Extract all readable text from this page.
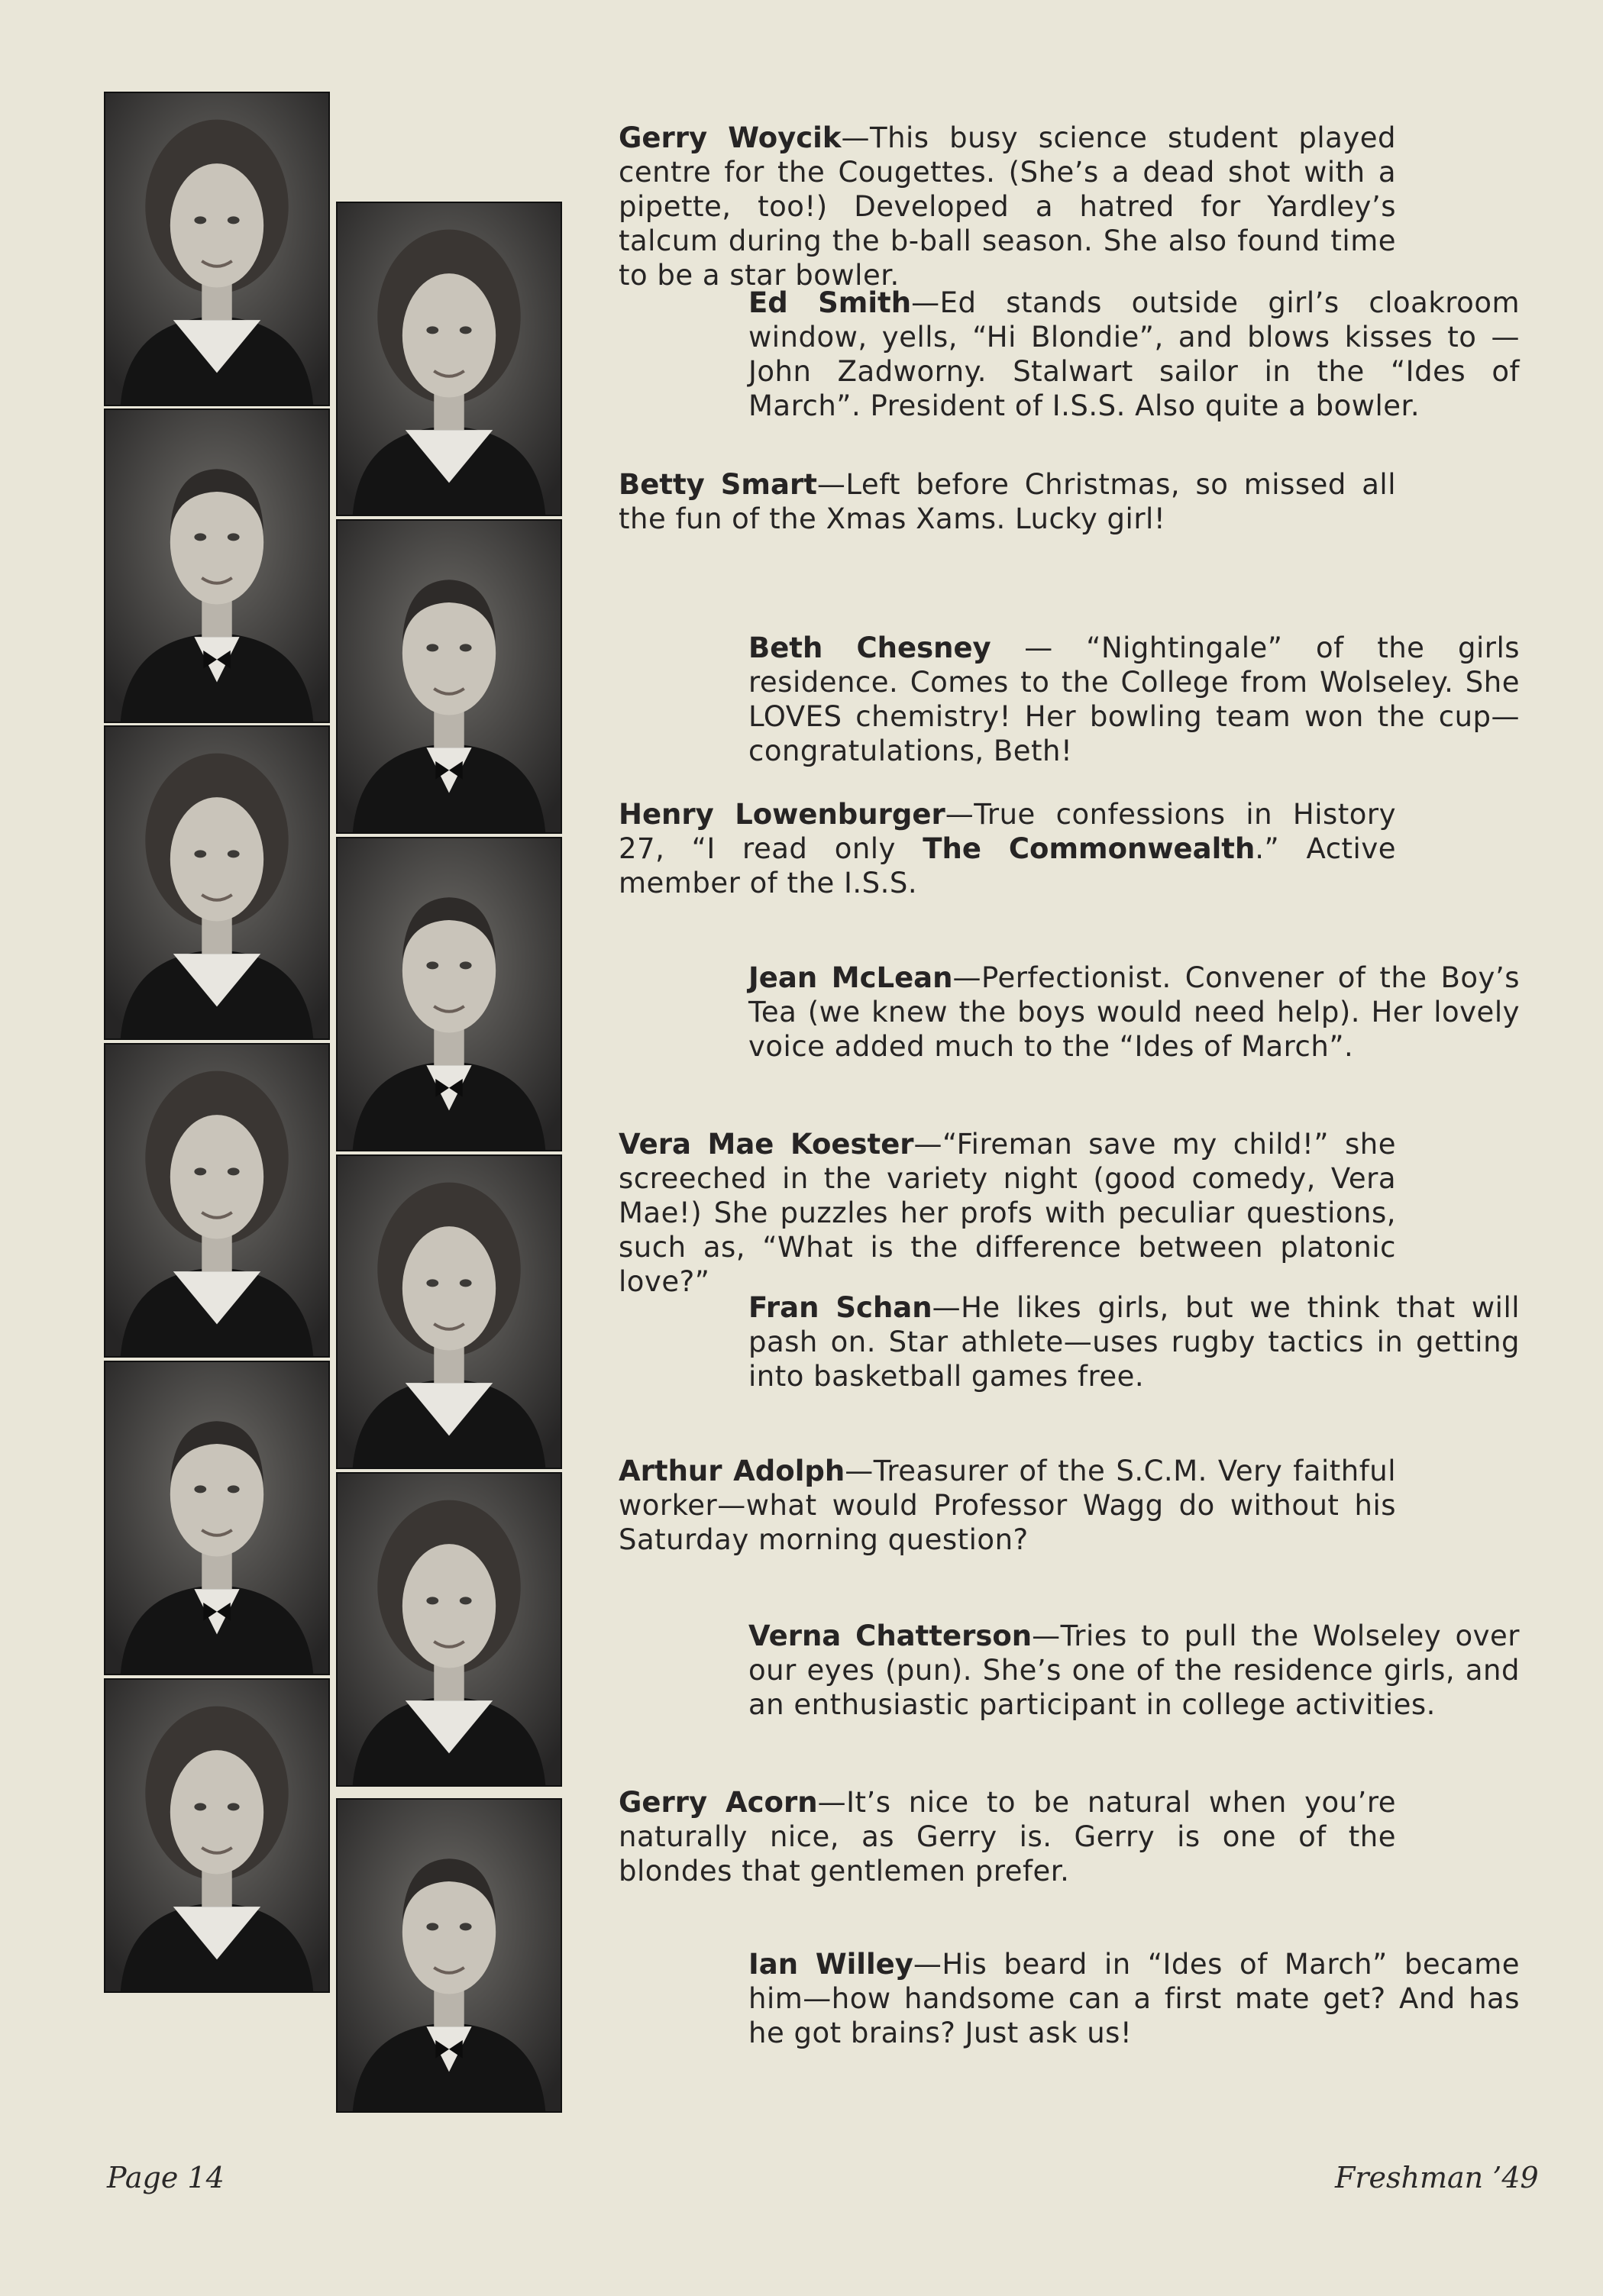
Gerry Woycik—This busy science student played centre for the Cougettes. (She’s a dead shot with a pipette, too!) Developed a hatred for Yardley’s talcum during the b-ball season. She also found time to be a star bowler.
Ed Smith—Ed stands outside girl’s cloakroom window, yells, “Hi Blondie”, and blows kisses to — John Zadworny. Stalwart sailor in the “Ides of March”. President of I.S.S. Also quite a bowler.
Betty Smart—Left before Christmas, so missed all the fun of the Xmas Xams. Lucky girl!
Beth Chesney — “Nightingale” of the girls residence. Comes to the College from Wolseley. She LOVES chemistry! Her bowling team won the cup—congratulations, Beth!
Henry Lowenburger—True confessions in History 27, “I read only The Commonwealth.” Active member of the I.S.S.
Jean McLean—Perfectionist. Convener of the Boy’s Tea (we knew the boys would need help). Her lovely voice added much to the “Ides of March”.
Vera Mae Koester—“Fireman save my child!” she screeched in the variety night (good comedy, Vera Mae!) She puzzles her profs with peculiar questions, such as, “What is the difference between platonic love?”
Fran Schan—He likes girls, but we think that will pash on. Star athlete—uses rugby tactics in getting into basketball games free.
Arthur Adolph—Treasurer of the S.C.M. Very faithful worker—what would Professor Wagg do without his Saturday morning question?
Verna Chatterson—Tries to pull the Wolseley over our eyes (pun). She’s one of the residence girls, and an enthusiastic participant in college activities.
Gerry Acorn—It’s nice to be natural when you’re naturally nice, as Gerry is. Gerry is one of the blondes that gentlemen prefer.
Ian Willey—His beard in “Ides of March” became him—how handsome can a first mate get? And has he got brains? Just ask us!
Page 14	Freshman ’49
